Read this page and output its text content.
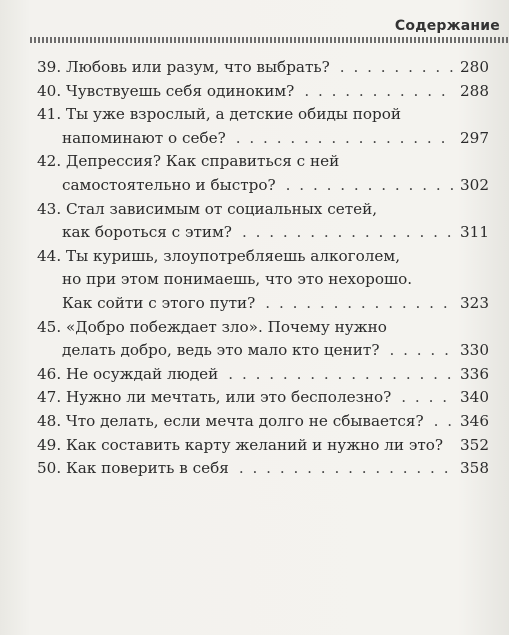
Содержание
39. Любовь или разум, что выбрать? . . .	280
40. Чувствуешь себя одиноким? . . .	288
41. Ты уже взрослый, а детские обиды порой
напоминают о себе? . . .	297
42. Депрессия? Как справиться с ней
самостоятельно и быстро? . . .	302
43. Стал зависимым от социальных сетей,
как бороться с этим? . . .	311
44. Ты куришь, злоупотребляешь алкоголем,
но при этом понимаешь, что это нехорошо.
Как сойти с этого пути? . . .	323
45. «Добро побеждает зло». Почему нужно
делать добро, ведь это мало кто ценит? . . .	330
46. Не осуждай людей . . .	336
47. Нужно ли мечтать, или это бесполезно? . . .	340
48. Что делать, если мечта долго не сбывается? . . . 346
49. Как составить карту желаний и нужно ли это? . . . 352
50. Как поверить в себя . . .	358
